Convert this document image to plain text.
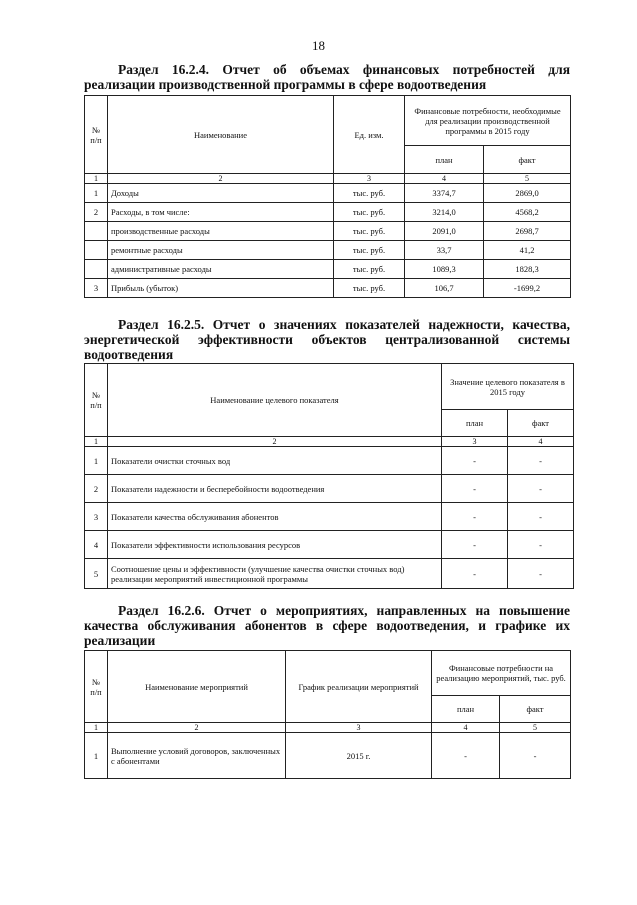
18
Раздел 16.2.4. Отчет об объемах финансовых потребностей для реализации производственной программы в сфере водоотведения
№ п/п	Наименование	Ед. изм.	Финансовые потребности, необходимые для реализации производственной программы в 2015 году	
			план	факт
1	2	3	4	5
1	Доходы	тыс. руб.	3374,7	2869,0
2	Расходы, в том числе:	тыс. руб.	3214,0	4568,2
	производственные расходы	тыс. руб.	2091,0	2698,7
	ремонтные расходы	тыс. руб.	33,7	41,2
	административные расходы	тыс. руб.	1089,3	1828,3
3	Прибыль (убыток)	тыс. руб.	106,7	-1699,2
Раздел 16.2.5. Отчет о значениях показателей надежности, качества, энергетической эффективности объектов централизованной системы водоотведения
№ п/п	Наименование целевого показателя	Значение целевого показателя в 2015 году	
		план	факт
1	2	3	4
1	Показатели очистки сточных вод	-	-
2	Показатели надежности и бесперебойности водоотведения	-	-
3	Показатели качества обслуживания абонентов	-	-
4	Показатели эффективности использования ресурсов	-	-
5	Соотношение цены и эффективности (улучшение качества очистки сточных вод) реализации мероприятий инвестиционной программы	-	-
Раздел 16.2.6. Отчет о мероприятиях, направленных на повышение качества обслуживания абонентов в сфере водоотведения, и графике их реализации
№ п/п	Наименование мероприятий	График реализации мероприятий	Финансовые потребности на реализацию мероприятий, тыс. руб.	
			план	факт
1	2	3	4	5
1	Выполнение условий договоров, заключенных с абонентами	2015 г.	-	-
